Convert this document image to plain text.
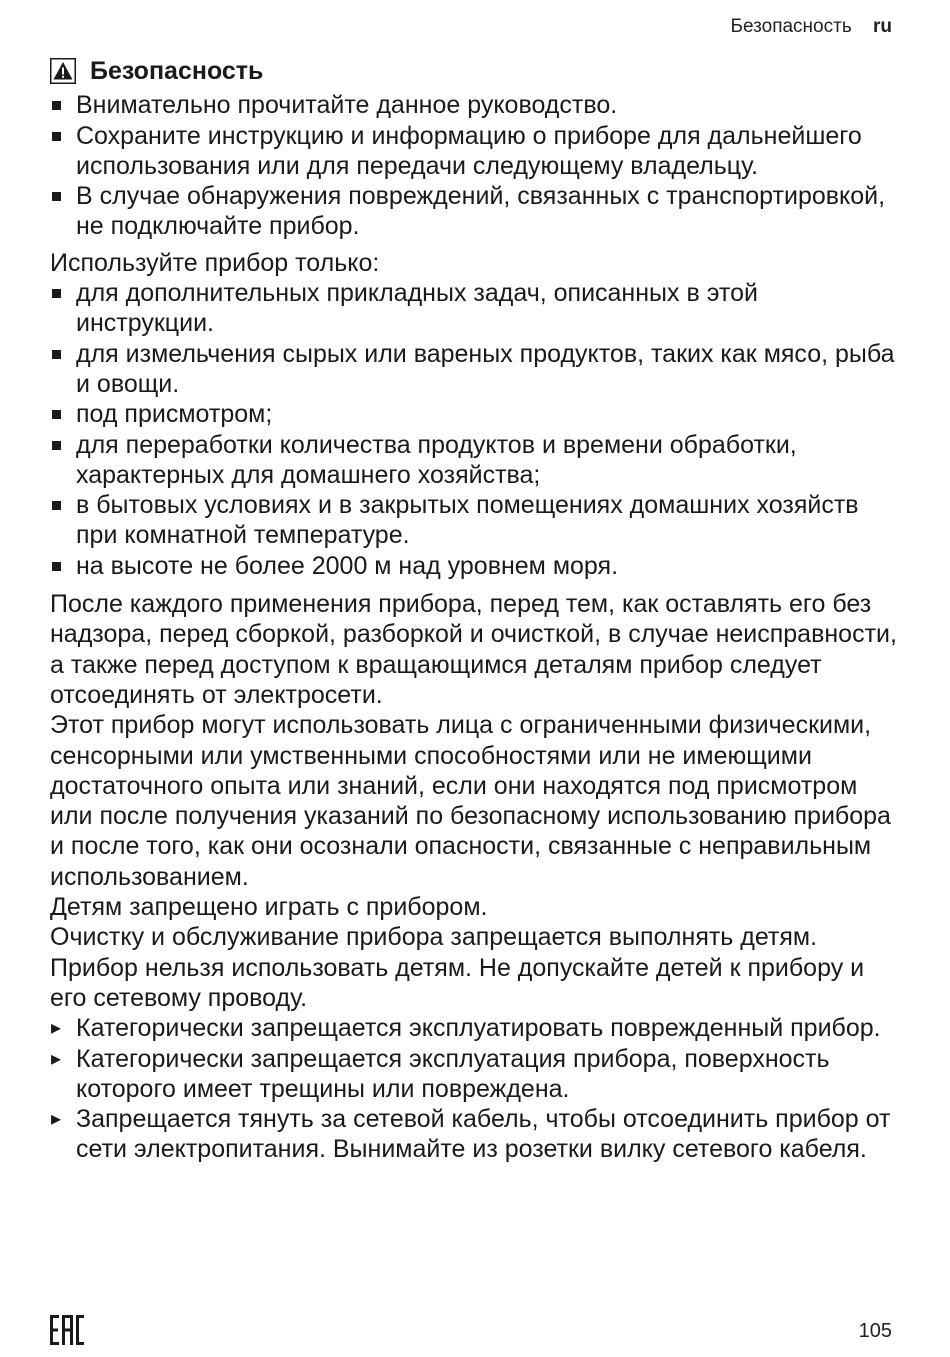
Безопасность ru
Безопасность
Внимательно прочитайте данное руководство.
Сохраните инструкцию и информацию о приборе для дальнейшего использования или для передачи следующему владельцу.
В случае обнаружения повреждений, связанных с транспортировкой, не подключайте прибор.

Используйте прибор только:

для дополнительных прикладных задач, описанных в этой инструкции.
для измельчения сырых или вареных продуктов, таких как мясо, рыба и овощи.
под присмотром;
для переработки количества продуктов и времени обработки, характерных для домашнего хозяйства;
в бытовых условиях и в закрытых помещениях домашних хозяйств при комнатной температуре.
на высоте не более 2000 м над уровнем моря.

После каждого применения прибора, перед тем, как оставлять его без надзора, перед сборкой, разборкой и очисткой, в случае неисправности, а также перед доступом к вращающимся деталям прибор следует отсоединять от электросети.

Этот прибор могут использовать лица с ограниченными физическими, сенсорными или умственными способностями или не имеющими достаточного опыта или знаний, если они находятся под присмотром или после получения указаний по безопасному использованию прибора и после того, как они осознали опасности, связанные с неправильным использованием.

Детям запрещено играть с прибором.

Очистку и обслуживание прибора запрещается выполнять детям.

Прибор нельзя использовать детям. Не допускайте детей к прибору и его сетевому проводу.

▸ Категорически запрещается эксплуатировать поврежденный прибор.
▸ Категорически запрещается эксплуатация прибора, поверхность которого имеет трещины или повреждена.
▸ Запрещается тянуть за сетевой кабель, чтобы отсоединить прибор от сети электропитания. Вынимайте из розетки вилку сетевого кабеля.
105
